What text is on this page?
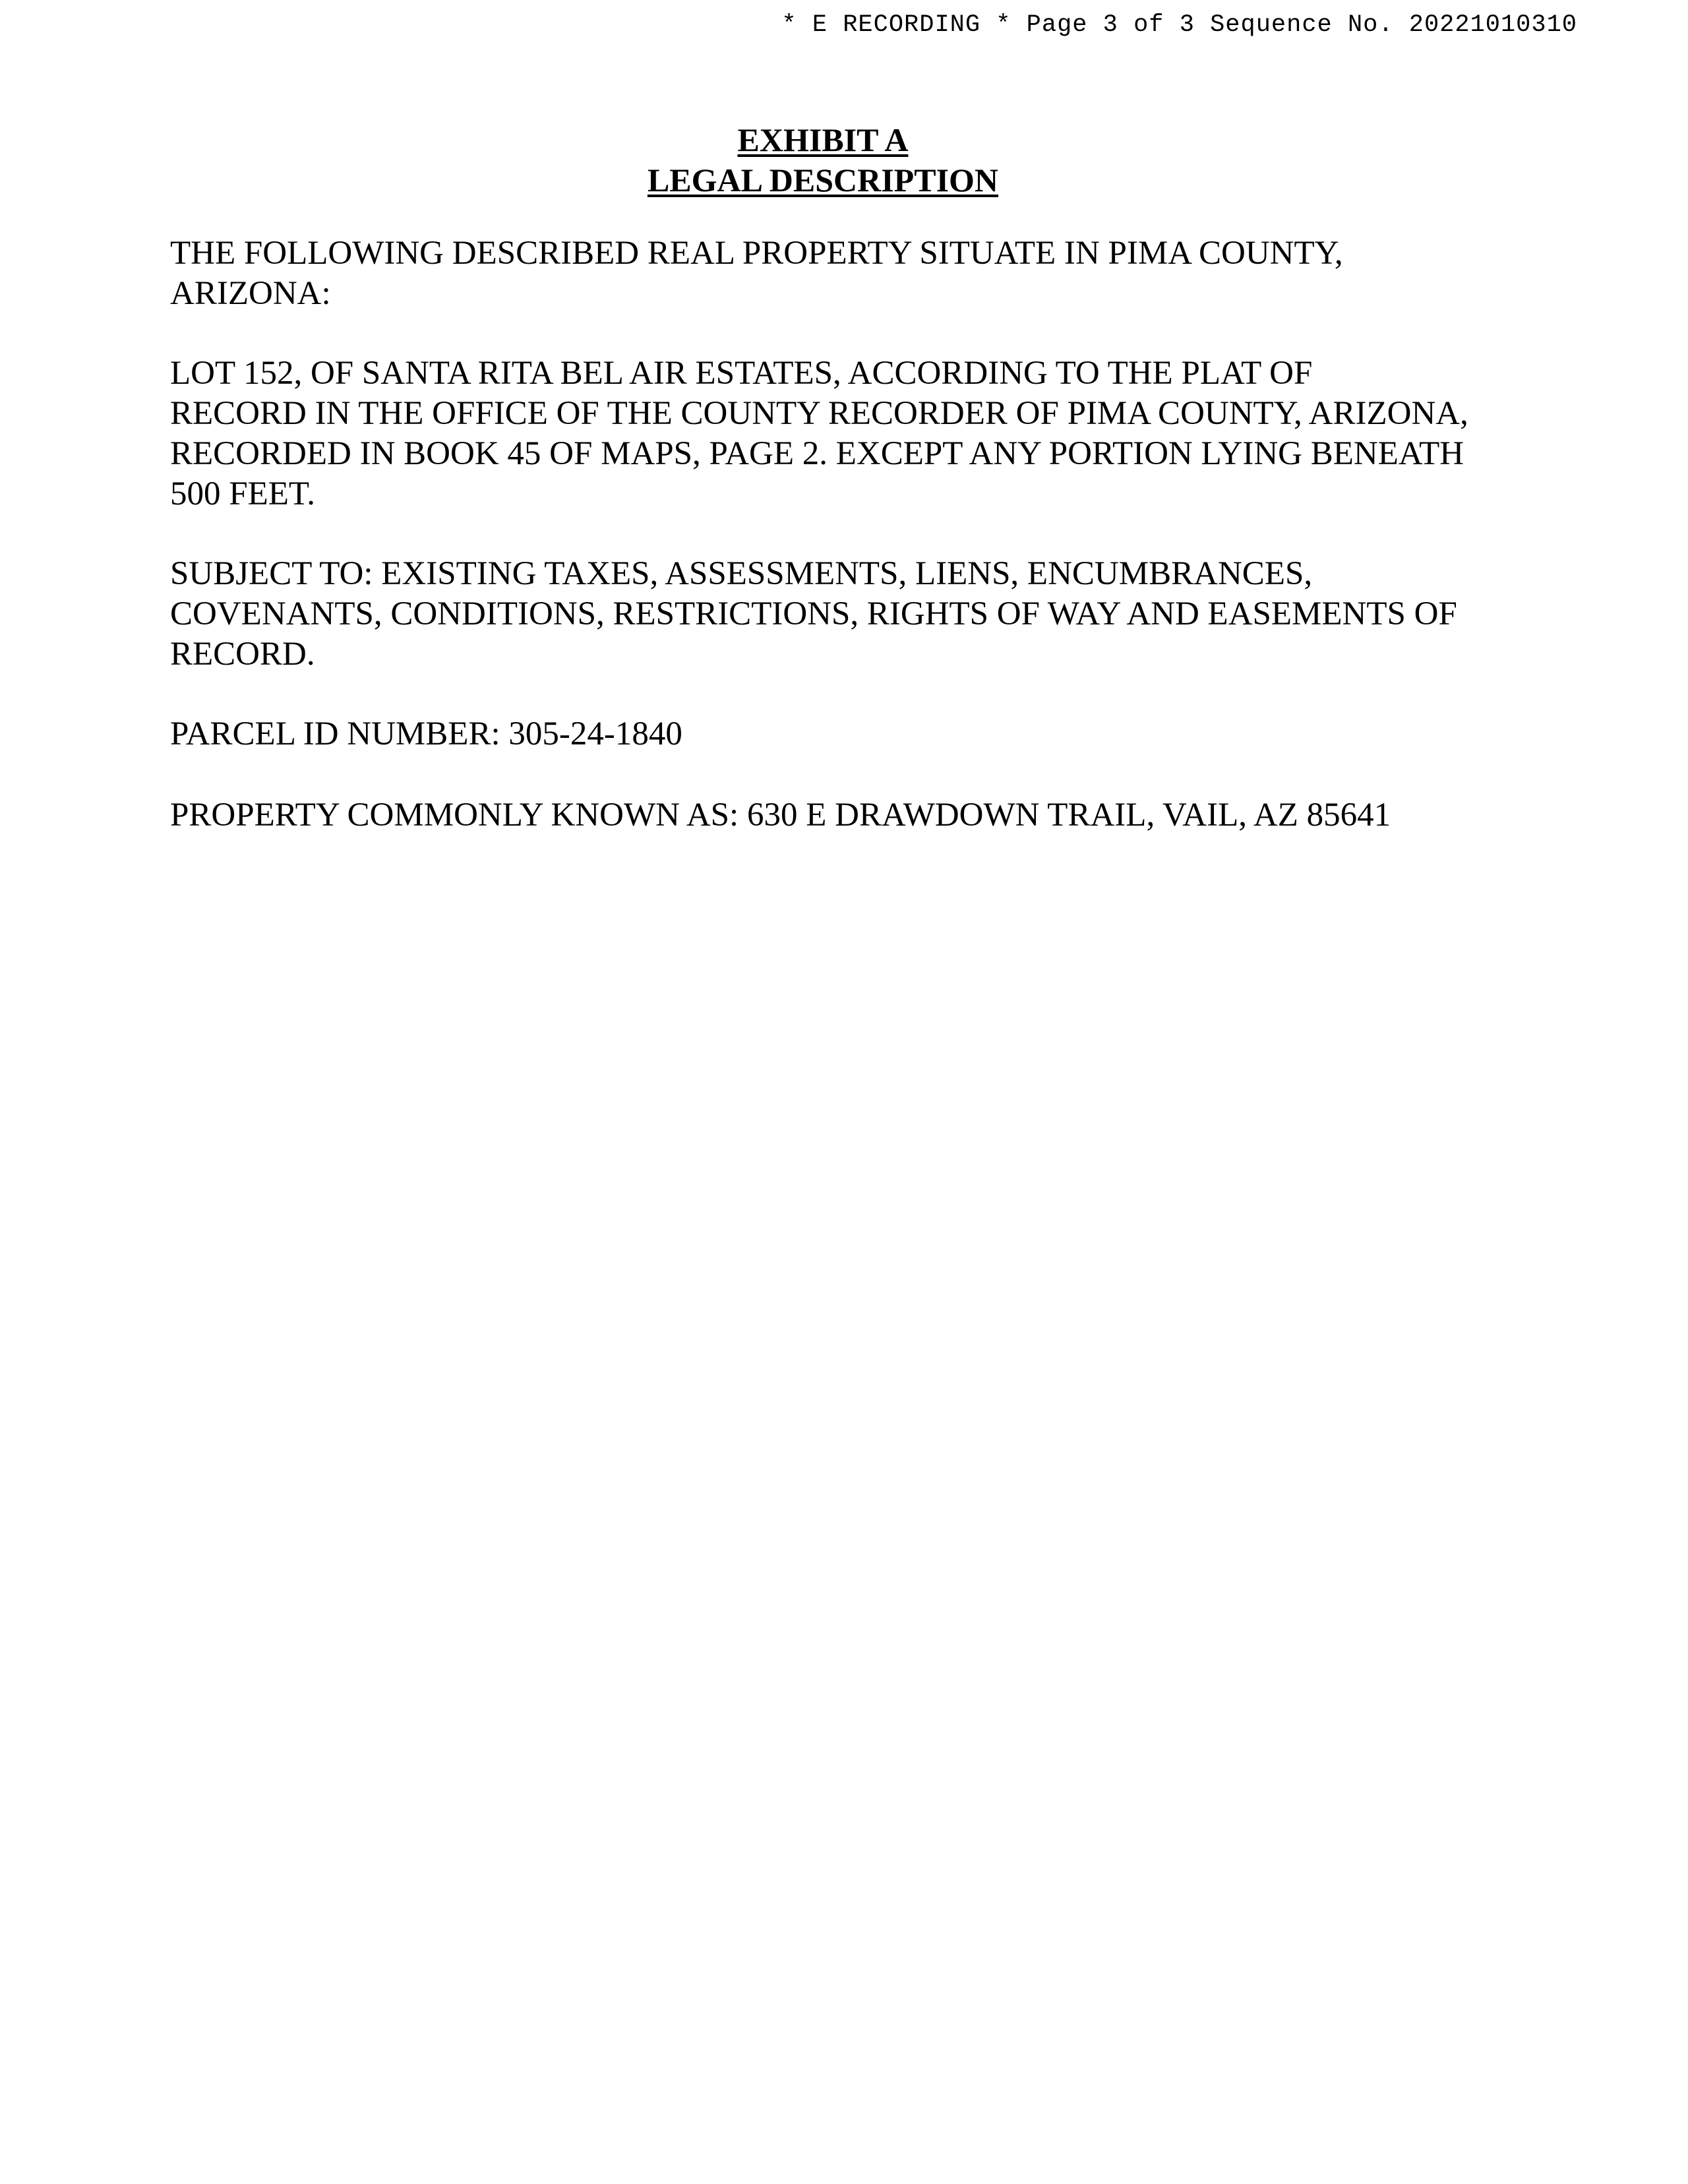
* E RECORDING * Page 3 of 3 Sequence No. 20221010310
EXHIBIT A
LEGAL DESCRIPTION
THE FOLLOWING DESCRIBED REAL PROPERTY SITUATE IN PIMA COUNTY,
ARIZONA:
LOT 152, OF SANTA RITA BEL AIR ESTATES, ACCORDING TO THE PLAT OF
RECORD IN THE OFFICE OF THE COUNTY RECORDER OF PIMA COUNTY, ARIZONA,
RECORDED IN BOOK 45 OF MAPS, PAGE 2. EXCEPT ANY PORTION LYING BENEATH
500 FEET.
SUBJECT TO: EXISTING TAXES, ASSESSMENTS, LIENS, ENCUMBRANCES,
COVENANTS, CONDITIONS, RESTRICTIONS, RIGHTS OF WAY AND EASEMENTS OF
RECORD.
PARCEL ID NUMBER: 305-24-1840
PROPERTY COMMONLY KNOWN AS: 630 E DRAWDOWN TRAIL, VAIL, AZ 85641
